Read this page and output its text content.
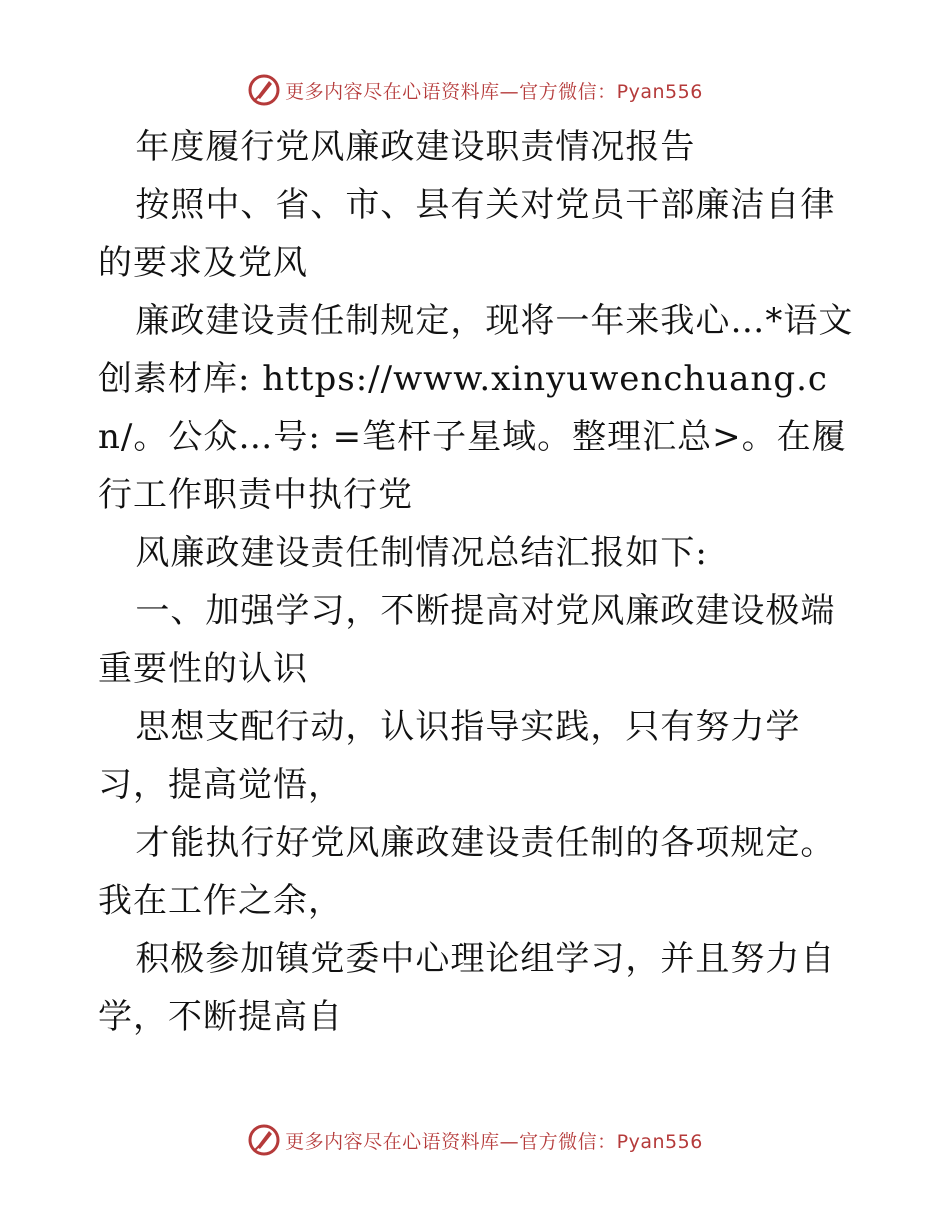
更多内容尽在心语资料库—官方微信：Pyan556

年度履行党风廉政建设职责情况报告

按照中、省、市、县有关对党员干部廉洁自律的要求及党风

廉政建设责任制规定，现将一年来我心…*语文创素材库: https://www.xinyuwenchuang.cn/。公众…号: =笔杆子星域。整理汇总>。在履行工作职责中执行党

风廉政建设责任制情况总结汇报如下:

一、加强学习，不断提高对党风廉政建设极端重要性的认识

思想支配行动，认识指导实践，只有努力学习，提高觉悟，

才能执行好党风廉政建设责任制的各项规定。我在工作之余，

积极参加镇党委中心理论组学习，并且努力自学，不断提高自

更多内容尽在心语资料库—官方微信：Pyan556
